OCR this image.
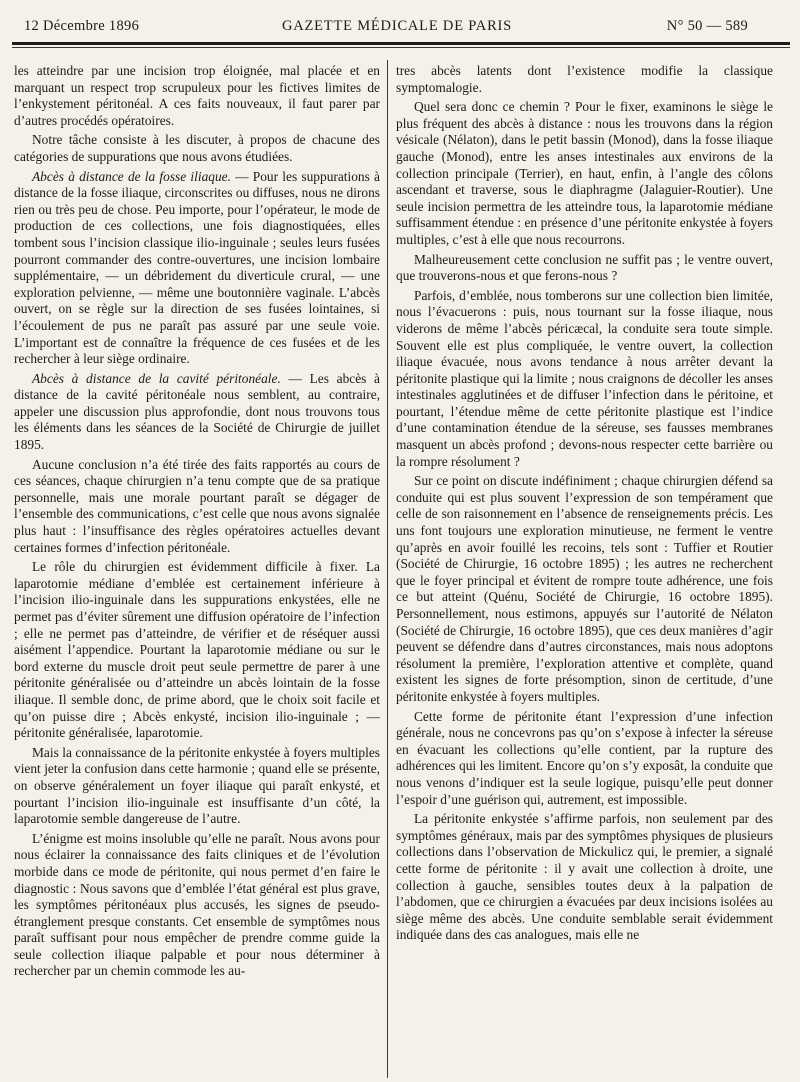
12 Décembre 1896	GAZETTE MÉDICALE DE PARIS	N° 50 — 589

les atteindre par une incision trop éloignée, mal placée et en marquant un respect trop scrupuleux pour les fictives limites de l’enkystement péritonéal. A ces faits nouveaux, il faut parer par d’autres procédés opératoires.

Notre tâche consiste à les discuter, à propos de chacune des catégories de suppurations que nous avons étudiées.

Abcès à distance de la fosse iliaque. — Pour les suppurations à distance de la fosse iliaque, circonscrites ou diffuses, nous ne dirons rien ou très peu de chose. Peu importe, pour l’opérateur, le mode de production de ces collections, une fois diagnostiquées, elles tombent sous l’incision classique ilio-inguinale ; seules leurs fusées pourront commander des contre-ouvertures, une incision lombaire supplémentaire, — un débridement du diverticule crural, — une exploration pelvienne, — même une boutonnière vaginale. L’abcès ouvert, on se règle sur la direction de ses fusées lointaines, si l’écoulement de pus ne paraît pas assuré par une seule voie. L’important est de connaître la fréquence de ces fusées et de les rechercher à leur siège ordinaire.

Abcès à distance de la cavité péritonéale. — Les abcès à distance de la cavité péritonéale nous semblent, au contraire, appeler une discussion plus approfondie, dont nous trouvons tous les éléments dans les séances de la Société de Chirurgie de juillet 1895.

Aucune conclusion n’a été tirée des faits rapportés au cours de ces séances, chaque chirurgien n’a tenu compte que de sa pratique personnelle, mais une morale pourtant paraît se dégager de l’ensemble des communications, c’est celle que nous avons signalée plus haut : l’insuffisance des règles opératoires actuelles devant certaines formes d’infection péritonéale.

Le rôle du chirurgien est évidemment difficile à fixer. La laparotomie médiane d’emblée est certainement inférieure à l’incision ilio-inguinale dans les suppurations enkystées, elle ne permet pas d’éviter sûrement une diffusion opératoire de l’infection ; elle ne permet pas d’atteindre, de vérifier et de réséquer aussi aisément l’appendice. Pourtant la laparotomie médiane ou sur le bord externe du muscle droit peut seule permettre de parer à une péritonite généralisée ou d’atteindre un abcès lointain de la fosse iliaque. Il semble donc, de prime abord, que le choix soit facile et qu’on puisse dire ; Abcès enkysté, incision ilio-inguinale ; — péritonite généralisée, laparotomie.

Mais la connaissance de la péritonite enkystée à foyers multiples vient jeter la confusion dans cette harmonie ; quand elle se présente, on observe généralement un foyer iliaque qui paraît enkysté, et pourtant l’incision ilio-inguinale est insuffisante d’un côté, la laparotomie semble dangereuse de l’autre.

L’énigme est moins insoluble qu’elle ne paraît. Nous avons pour nous éclairer la connaissance des faits cliniques et de l’évolution morbide dans ce mode de péritonite, qui nous permet d’en faire le diagnostic : Nous savons que d’emblée l’état général est plus grave, les symptômes péritonéaux plus accusés, les signes de pseudo-étranglement presque constants. Cet ensemble de symptômes nous paraît suffisant pour nous empêcher de prendre comme guide la seule collection iliaque palpable et pour nous déterminer à rechercher par un chemin commode les au-

tres abcès latents dont l’existence modifie la classique symptomalogie.

Quel sera donc ce chemin ? Pour le fixer, examinons le siège le plus fréquent des abcès à distance : nous les trouvons dans la région vésicale (Nélaton), dans le petit bassin (Monod), dans la fosse iliaque gauche (Monod), entre les anses intestinales aux environs de la collection principale (Terrier), en haut, enfin, à l’angle des côlons ascendant et traverse, sous le diaphragme (Jalaguier-Routier). Une seule incision permettra de les atteindre tous, la laparotomie médiane suffisamment étendue : en présence d’une péritonite enkystée à foyers multiples, c’est à elle que nous recourrons.

Malheureusement cette conclusion ne suffit pas ; le ventre ouvert, que trouverons-nous et que ferons-nous ?

Parfois, d’emblée, nous tomberons sur une collection bien limitée, nous l’évacuerons : puis, nous tournant sur la fosse iliaque, nous viderons de même l’abcès péricæcal, la conduite sera toute simple. Souvent elle est plus compliquée, le ventre ouvert, la collection iliaque évacuée, nous avons tendance à nous arrêter devant la péritonite plastique qui la limite ; nous craignons de décoller les anses intestinales agglutinées et de diffuser l’infection dans le péritoine, et pourtant, l’étendue même de cette péritonite plastique est l’indice d’une contamination étendue de la séreuse, ses fausses membranes masquent un abcès profond ; devons-nous respecter cette barrière ou la rompre résolument ?

Sur ce point on discute indéfiniment ; chaque chirurgien défend sa conduite qui est plus souvent l’expression de son tempérament que celle de son raisonnement en l’absence de renseignements précis. Les uns font toujours une exploration minutieuse, ne ferment le ventre qu’après en avoir fouillé les recoins, tels sont : Tuffier et Routier (Société de Chirurgie, 16 octobre 1895) ; les autres ne recherchent que le foyer principal et évitent de rompre toute adhérence, une fois ce but atteint (Quénu, Société de Chirurgie, 16 octobre 1895). Personnellement, nous estimons, appuyés sur l’autorité de Nélaton (Société de Chirurgie, 16 octobre 1895), que ces deux manières d’agir peuvent se défendre dans d’autres circonstances, mais nous adoptons résolument la première, l’exploration attentive et complète, quand existent les signes de forte présomption, sinon de certitude, d’une péritonite enkystée à foyers multiples.

Cette forme de péritonite étant l’expression d’une infection générale, nous ne concevrons pas qu’on s’expose à infecter la séreuse en évacuant les collections qu’elle contient, par la rupture des adhérences qui les limitent. Encore qu’on s’y exposât, la conduite que nous venons d’indiquer est la seule logique, puisqu’elle peut donner l’espoir d’une guérison qui, autrement, est impossible.

La péritonite enkystée s’affirme parfois, non seulement par des symptômes généraux, mais par des symptômes physiques de plusieurs collections dans l’observation de Mickulicz qui, le premier, a signalé cette forme de péritonite : il y avait une collection à droite, une collection à gauche, sensibles toutes deux à la palpation de l’abdomen, que ce chirurgien a évacuées par deux incisions isolées au siège même des abcès. Une conduite semblable serait évidemment indiquée dans des cas analogues, mais elle ne
